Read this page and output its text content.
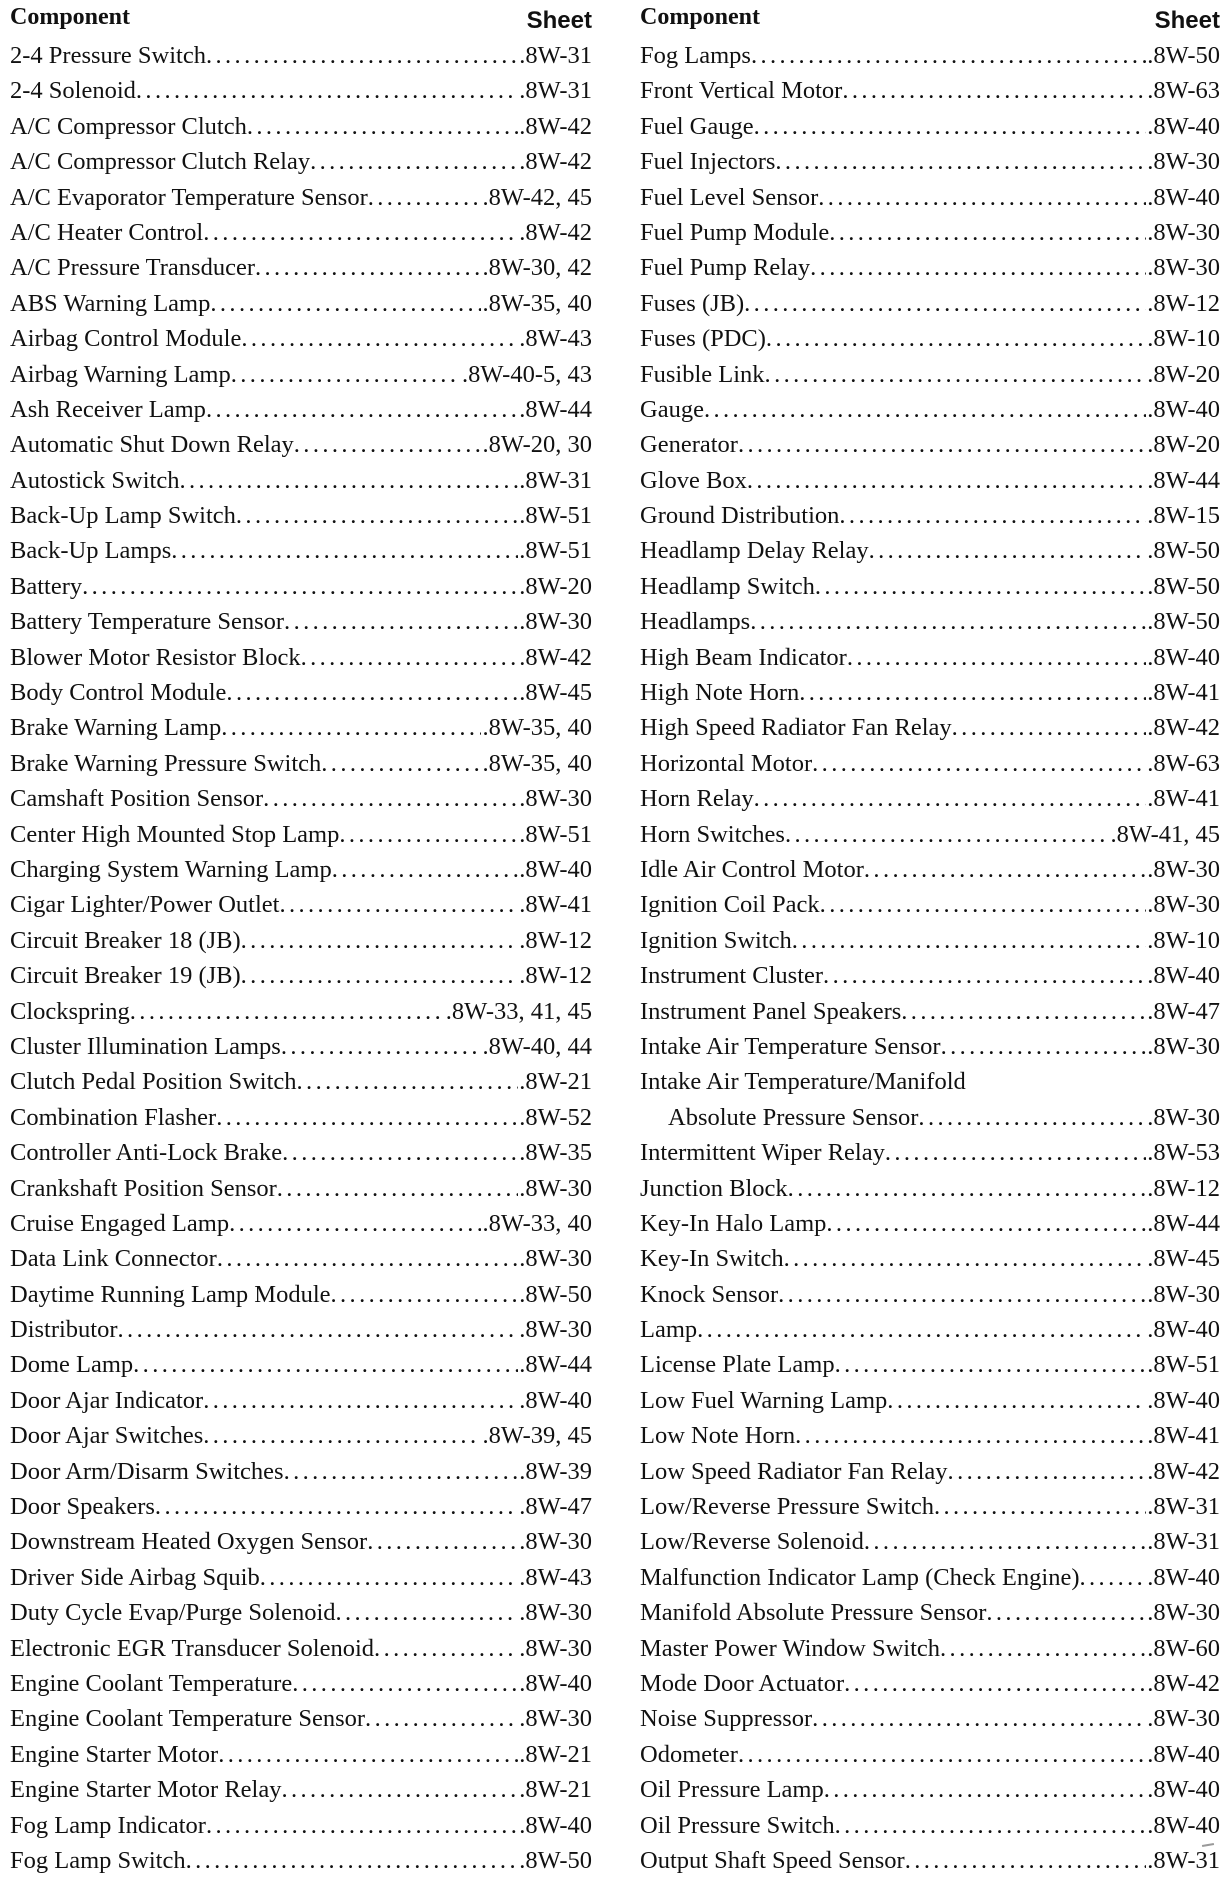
Component	Sheet
2-4 Pressure Switch .....	.8W-31
2-4 Solenoid .....	.8W-31
A/C Compressor Clutch .....	.8W-42
A/C Compressor Clutch Relay .....	.8W-42
A/C Evaporator Temperature Sensor .....	.8W-42, 45
A/C Heater Control .....	.8W-42
A/C Pressure Transducer .....	.8W-30, 42
ABS Warning Lamp .....	.8W-35, 40
Airbag Control Module .....	.8W-43
Airbag Warning Lamp .....	.8W-40-5, 43
Ash Receiver Lamp .....	.8W-44
Automatic Shut Down Relay .....	.8W-20, 30
Autostick Switch .....	.8W-31
Back-Up Lamp Switch .....	.8W-51
Back-Up Lamps .....	.8W-51
Battery .....	.8W-20
Battery Temperature Sensor .....	.8W-30
Blower Motor Resistor Block .....	.8W-42
Body Control Module .....	.8W-45
Brake Warning Lamp .....	.8W-35, 40
Brake Warning Pressure Switch .....	.8W-35, 40
Camshaft Position Sensor .....	.8W-30
Center High Mounted Stop Lamp .....	.8W-51
Charging System Warning Lamp .....	.8W-40
Cigar Lighter/Power Outlet .....	.8W-41
Circuit Breaker 18 (JB) .....	.8W-12
Circuit Breaker 19 (JB) .....	.8W-12
Clockspring .....	.8W-33, 41, 45
Cluster Illumination Lamps .....	.8W-40, 44
Clutch Pedal Position Switch .....	.8W-21
Combination Flasher .....	.8W-52
Controller Anti-Lock Brake .....	.8W-35
Crankshaft Position Sensor .....	.8W-30
Cruise Engaged Lamp .....	.8W-33, 40
Data Link Connector .....	.8W-30
Daytime Running Lamp Module .....	.8W-50
Distributor .....	.8W-30
Dome Lamp .....	.8W-44
Door Ajar Indicator .....	.8W-40
Door Ajar Switches .....	.8W-39, 45
Door Arm/Disarm Switches .....	.8W-39
Door Speakers .....	.8W-47
Downstream Heated Oxygen Sensor .....	.8W-30
Driver Side Airbag Squib .....	.8W-43
Duty Cycle Evap/Purge Solenoid .....	.8W-30
Electronic EGR Transducer Solenoid .....	.8W-30
Engine Coolant Temperature .....	.8W-40
Engine Coolant Temperature Sensor .....	.8W-30
Engine Starter Motor .....	.8W-21
Engine Starter Motor Relay .....	.8W-21
Fog Lamp Indicator .....	.8W-40
Fog Lamp Switch .....	.8W-50
Component	Sheet
Fog Lamps .....	.8W-50
Front Vertical Motor .....	.8W-63
Fuel Gauge .....	.8W-40
Fuel Injectors .....	.8W-30
Fuel Level Sensor .....	.8W-40
Fuel Pump Module .....	.8W-30
Fuel Pump Relay .....	.8W-30
Fuses (JB) .....	.8W-12
Fuses (PDC) .....	.8W-10
Fusible Link .....	.8W-20
Gauge .....	.8W-40
Generator .....	.8W-20
Glove Box .....	.8W-44
Ground Distribution .....	.8W-15
Headlamp Delay Relay .....	.8W-50
Headlamp Switch .....	.8W-50
Headlamps .....	.8W-50
High Beam Indicator .....	.8W-40
High Note Horn .....	.8W-41
High Speed Radiator Fan Relay .....	.8W-42
Horizontal Motor .....	.8W-63
Horn Relay .....	.8W-41
Horn Switches .....	.8W-41, 45
Idle Air Control Motor .....	.8W-30
Ignition Coil Pack .....	.8W-30
Ignition Switch .....	.8W-10
Instrument Cluster .....	.8W-40
Instrument Panel Speakers .....	.8W-47
Intake Air Temperature Sensor .....	.8W-30
Intake Air Temperature/Manifold
Absolute Pressure Sensor .....	.8W-30
Intermittent Wiper Relay .....	.8W-53
Junction Block .....	.8W-12
Key-In Halo Lamp .....	.8W-44
Key-In Switch .....	.8W-45
Knock Sensor .....	.8W-30
Lamp .....	.8W-40
License Plate Lamp .....	.8W-51
Low Fuel Warning Lamp .....	.8W-40
Low Note Horn .....	.8W-41
Low Speed Radiator Fan Relay .....	.8W-42
Low/Reverse Pressure Switch .....	.8W-31
Low/Reverse Solenoid .....	.8W-31
Malfunction Indicator Lamp (Check Engine) .....	.8W-40
Manifold Absolute Pressure Sensor .....	.8W-30
Master Power Window Switch .....	.8W-60
Mode Door Actuator .....	.8W-42
Noise Suppressor .....	.8W-30
Odometer .....	.8W-40
Oil Pressure Lamp .....	.8W-40
Oil Pressure Switch .....	.8W-40
Output Shaft Speed Sensor .....	.8W-31
